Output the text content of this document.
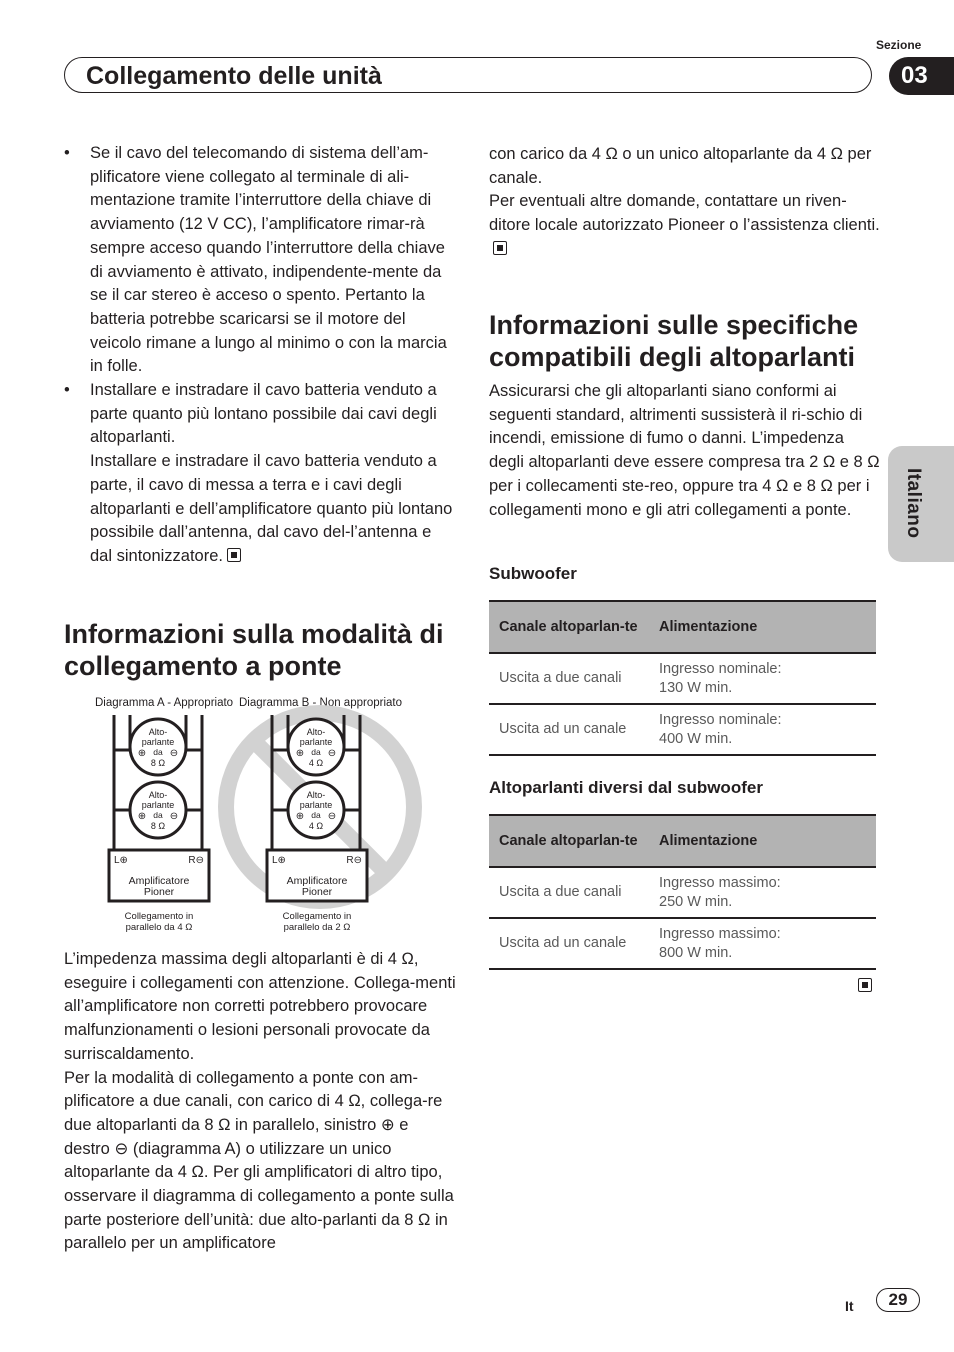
Sezione
Collegamento delle unità	03
Italiano
• Se il cavo del telecomando di sistema dell’am-plificatore viene collegato al terminale di ali-mentazione tramite l’interruttore della chiave di avviamento (12 V CC), l’amplificatore rimar-rà sempre acceso quando l’interruttore della chiave di avviamento è attivato, indipendente-mente da se il car stereo è acceso o spento. Pertanto la batteria potrebbe scaricarsi se il motore del veicolo rimane a lungo al minimo o con la marcia in folle.
• Installare e instradare il cavo batteria venduto a parte quanto più lontano possibile dai cavi degli altoparlanti.
Installare e instradare il cavo batteria venduto a parte, il cavo di messa a terra e i cavi degli altoparlanti e dell’amplificatore quanto più lontano possibile dall’antenna, dal cavo del-l’antenna e dal sintonizzatore.
Informazioni sulla modalità di collegamento a ponte
Diagramma A - Appropriato Diagramma B - Non appropriato
Alto-
parlante
⊕ da ⊖
8 Ω
Alto-
parlante
⊕ da ⊖
8 Ω
L⊕	R⊖
Amplificatore
Pioner
Collegamento in
parallelo da 4 Ω
Alto-
parlante
⊕ da ⊖
4 Ω
Alto-
parlante
⊕ da ⊖
4 Ω
L⊕	R⊖
Amplificatore
Pioner
Collegamento in
parallelo da 2 Ω
L’impedenza massima degli altoparlanti è di 4 Ω, eseguire i collegamenti con attenzione. Collega-menti all’amplificatore non corretti potrebbero provocare malfunzionamenti o lesioni personali provocate da surriscaldamento.
Per la modalità di collegamento a ponte con am-plificatore a due canali, con carico di 4 Ω, collega-re due altoparlanti da 8 Ω in parallelo, sinistro ⊕ e destro ⊖ (diagramma A) o utilizzare un unico altoparlante da 4 Ω. Per gli amplificatori di altro tipo, osservare il diagramma di collegamento a ponte sulla parte posteriore dell’unità: due alto-parlanti da 8 Ω in parallelo per un amplificatore
con carico da 4 Ω o un unico altoparlante da 4 Ω per canale.
Per eventuali altre domande, contattare un riven-ditore locale autorizzato Pioneer o l’assistenza clienti.
Informazioni sulle specifiche compatibili degli altoparlanti
Assicurarsi che gli altoparlanti siano conformi ai seguenti standard, altrimenti sussisterà il ri-schio di incendi, emissione di fumo o danni. L’impedenza degli altoparlanti deve essere compresa tra 2 Ω e 8 Ω per i collecamenti ste-reo, oppure tra 4 Ω e 8 Ω per i collegamenti mono e gli atri collegamenti a ponte.
Subwoofer
Canale altoparlan-te	Alimentazione
Uscita a due canali	Ingresso nominale:
130 W min.
Uscita ad un canale	Ingresso nominale:
400 W min.
Altoparlanti diversi dal subwoofer
Canale altoparlan-te	Alimentazione
Uscita a due canali	Ingresso massimo:
250 W min.
Uscita ad un canale	Ingresso massimo:
800 W min.
It	29
